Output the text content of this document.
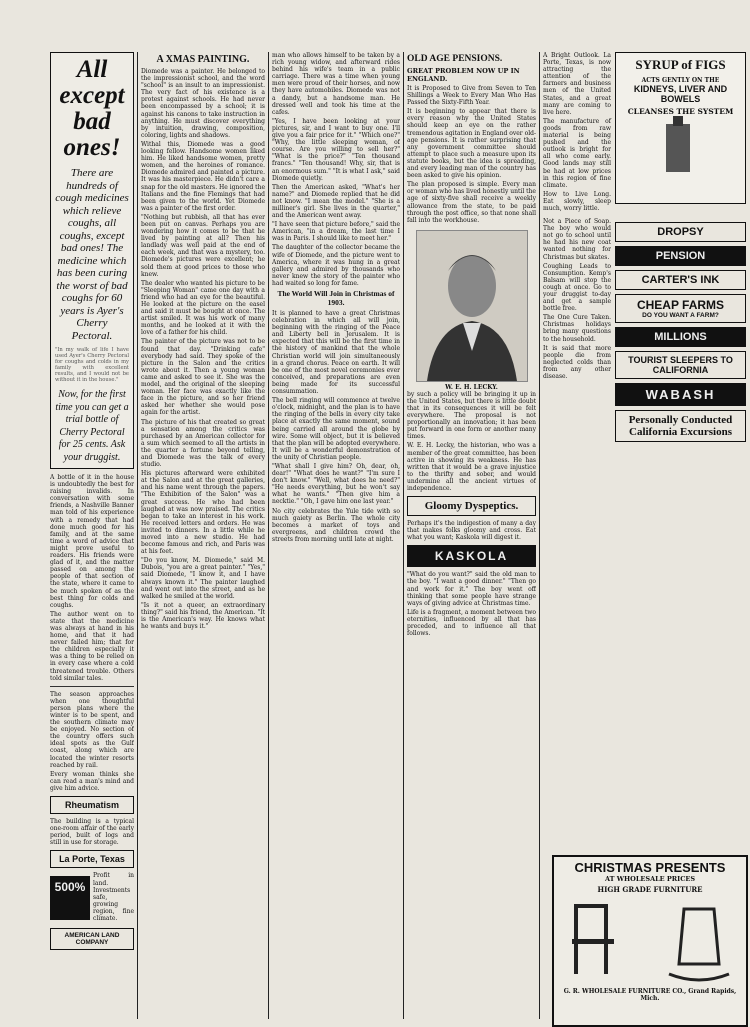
All except bad ones!
There are hundreds of cough medicines which relieve coughs, all coughs, except bad ones! The medicine which has been curing the worst of bad coughs for 60 years is Ayer's Cherry Pectoral.
"In my walk of life I have used Ayer's Cherry Pectoral for coughs and colds in my family with excellent results, and I would not be without it in the house."
Now, for the first time you can get a trial bottle of Cherry Pectoral for 25 cents. Ask your druggist.

A bottle of it in the house is undoubtedly the best for raising invalids. In conversation with some friends, a Nashville Banner man told of his experience with a remedy that had done much good for his family, and at the same time a word of advice that might prove useful to readers. His friends were glad of it, and the matter passed on among the people of that section of the state, where it came to be much spoken of as the best thing for colds and coughs.

The author went on to state that the medicine was always at hand in his home, and that it had never failed him; that for the children especially it was a thing to be relied on in every case where a cold threatened trouble. Others told similar tales.

The season approaches when one thoughtful person plans where the winter is to be spent, and the southern climate may be enjoyed. No section of the country offers such ideal spots as the Gulf coast, along which are located the winter resorts reached by rail.

Every woman thinks she can read a man's mind and give him advice.

Rheumatism

The building is a typical one-room affair of the early period, built of logs and still in use for storage.

La Porte, Texas
500%

Profit in land. Investments safe, growing region, fine climate.

AMERICAN LAND COMPANY
A XMAS PAINTING.

Diomede was a painter. He belonged to the impressionist school, and the word "school" is an insult to an impressionist. The very fact of his existence is a protest against schools. He had never been encompassed by a school; it is against his canons to take instruction in anything. He must discover everything by intuition, drawing, composition, coloring, lights and shadows.

Withal this, Diomede was a good looking fellow. Handsome women liked him. He liked handsome women, pretty women, and the heroines of romance. Diomede admired and painted a picture. It was his masterpiece. He didn't care a snap for the old masters. He ignored the Italians and the fine Flemings that had been given to the world. Yet Diomede was a painter of the first order.

"Nothing but rubbish, all that has ever been put on canvas. Perhaps you are wondering how it comes to be that he lived by painting at all? Then his landlady was well paid at the end of each week, and that was a mystery, too. Diomede's pictures were excellent; he sold them at good prices to those who knew.

The dealer who wanted his picture to be "Sleeping Woman" came one day with a friend who had an eye for the beautiful. He looked at the picture on the easel and said it must be bought at once. The artist smiled. It was his work of many months, and he looked at it with the love of a father for his child.

The painter of the picture was not to be found that day. "Drinking cafe" everybody had said. They spoke of the picture in the Salon and the critics wrote about it. Then a young woman came and asked to see it. She was the model, and the original of the sleeping woman. Her face was exactly like the face in the picture, and so her friend asked her whether she would pose again for the artist.

The picture of his that created so great a sensation among the critics was purchased by an American collector for a sum which seemed to all the artists in the quarter a fortune beyond telling, and Diomede was the talk of every studio.

His pictures afterward were exhibited at the Salon and at the great galleries, and his name went through the papers. "The Exhibition of the Salon" was a great success. He who had been laughed at was now praised. The critics began to take an interest in his work. He received letters and orders. He was invited to dinners. In a little while he moved into a new studio. He had become famous and rich, and Paris was at his feet.

"Do you know, M. Diomede," said M. Dubois, "you are a great painter." "Yes," said Diomede, "I know it, and I have always known it." The painter laughed and went out into the street, and as he walked he smiled at the world.

"Is it not a queer, an extraordinary thing?" said his friend, the American. "It is the American's way. He knows what he wants and buys it."

man who allows himself to be taken by a rich young widow, and afterward rides behind his wife's team in a public carriage. There was a time when young men were proud of their horses, and now they have automobiles. Diomede was not a dandy, but a handsome man. He dressed well and took his time at the cafes.

"Yes, I have been looking at your pictures, sir, and I want to buy one. I'll give you a fair price for it." "Which one?" "Why, the little sleeping woman, of course. Are you willing to sell her?" "What is the price?" "Ten thousand francs." "Ten thousand! Why, sir, that is an enormous sum." "It is what I ask," said Diomede quietly.

Then the American asked, "What's her name?" and Diomede replied that he did not know. "I mean the model." "She is a milliner's girl. She lives in the quarter," and the American went away.

"I have seen that picture before," said the American, "in a dream, the last time I was in Paris. I should like to meet her."

The daughter of the collector became the wife of Diomede, and the picture went to America, where it was hung in a great gallery and admired by thousands who never knew the story of the painter who had waited so long for fame.

The World Will Join in Christmas of 1903.

It is planned to have a great Christmas celebration in which all will join, beginning with the ringing of the Peace and Liberty bell in Jerusalem. It is expected that this will be the first time in the history of mankind that the whole Christian world will join simultaneously in a grand chorus. Peace on earth. It will be one of the most novel ceremonies ever conceived, and preparations are even being made for its successful consummation.

The bell ringing will commence at twelve o'clock, midnight, and the plan is to have the ringing of the bells in every city take place at exactly the same moment, sound being carried all around the globe by wire. Some will object, but it is believed that the plan will be adopted everywhere. It will be a wonderful demonstration of the unity of Christian people.

"What shall I give him? Oh, dear, oh, dear!" "What does he want?" "I'm sure I don't know." "Well, what does he need?" "He needs everything, but he won't say what he wants." "Then give him a necktie." "Oh, I gave him one last year."

No city celebrates the Yule tide with so much gaiety as Berlin. The whole city becomes a market of toys and evergreens, and children crowd the streets from morning until late at night.

OLD AGE PENSIONS.
GREAT PROBLEM NOW UP IN ENGLAND.

It is Proposed to Give from Seven to Ten Shillings a Week to Every Man Who Has Passed the Sixty-Fifth Year.

It is beginning to appear that there is every reason why the United States should keep an eye on the rather tremendous agitation in England over old-age pensions. It is rather surprising that any government committee should attempt to place such a measure upon its statute books, but the idea is spreading, and every leading man of the country has been asked to give his opinion.

The plan proposed is simple. Every man or woman who has lived honestly until the age of sixty-five shall receive a weekly allowance from the state, to be paid through the post office, so that none shall fall into the workhouse.

W. E. H. LECKY.

by such a policy will be bringing it up in the United States, but there is little doubt that in its consequences it will be felt everywhere. The proposal is not proportionally an innovation; it has been put forward in one form or another many times.

W. E. H. Lecky, the historian, who was a member of the great committee, has been active in showing its weakness. He has written that it would be a grave injustice to the thrifty and sober, and would undermine all the ancient virtues of independence.

Gloomy Dyspeptics.

Perhaps it's the indigestion of many a day that makes folks gloomy and cross. Eat what you want; Kaskola will digest it.

KASKOLA

"What do you want?" said the old man to the boy. "I want a good dinner." "Then go and work for it." The boy went off thinking that some people have strange ways of giving advice at Christmas time.

Life is a fragment, a moment between two eternities, influenced by all that has preceded, and to influence all that follows.

A Bright Outlook. La Porte, Texas, is now attracting the attention of the farmers and business men of the United States, and a great many are coming to live here.

The manufacture of goods from raw material is being pushed and the outlook is bright for all who come early. Good lands may still be had at low prices in this region of fine climate.

How to Live Long. Eat slowly, sleep much, worry little.

SYRUP of FIGS
ACTS GENTLY ON THE
KIDNEYS, LIVER AND BOWELS
CLEANSES THE SYSTEM

Not a Piece of Soap. The boy who would not go to school until he had his new coat wanted nothing for Christmas but skates.

Coughing Leads to Consumption. Kemp's Balsam will stop the cough at once. Go to your druggist to-day and get a sample bottle free.

The One Cure Taken. Christmas holidays bring many questions to the household.

It is said that more people die from neglected colds than from any other disease.

DROPSY
PENSION
CARTER'S INK
CHEAP FARMS
DO YOU WANT A FARM?
MILLIONS
TOURIST SLEEPERS TO CALIFORNIA
WABASH
Personally Conducted California Excursions
CHRISTMAS PRESENTS
AT WHOLESALE PRICES
HIGH GRADE FURNITURE
G. R. WHOLESALE FURNITURE CO., Grand Rapids, Mich.
